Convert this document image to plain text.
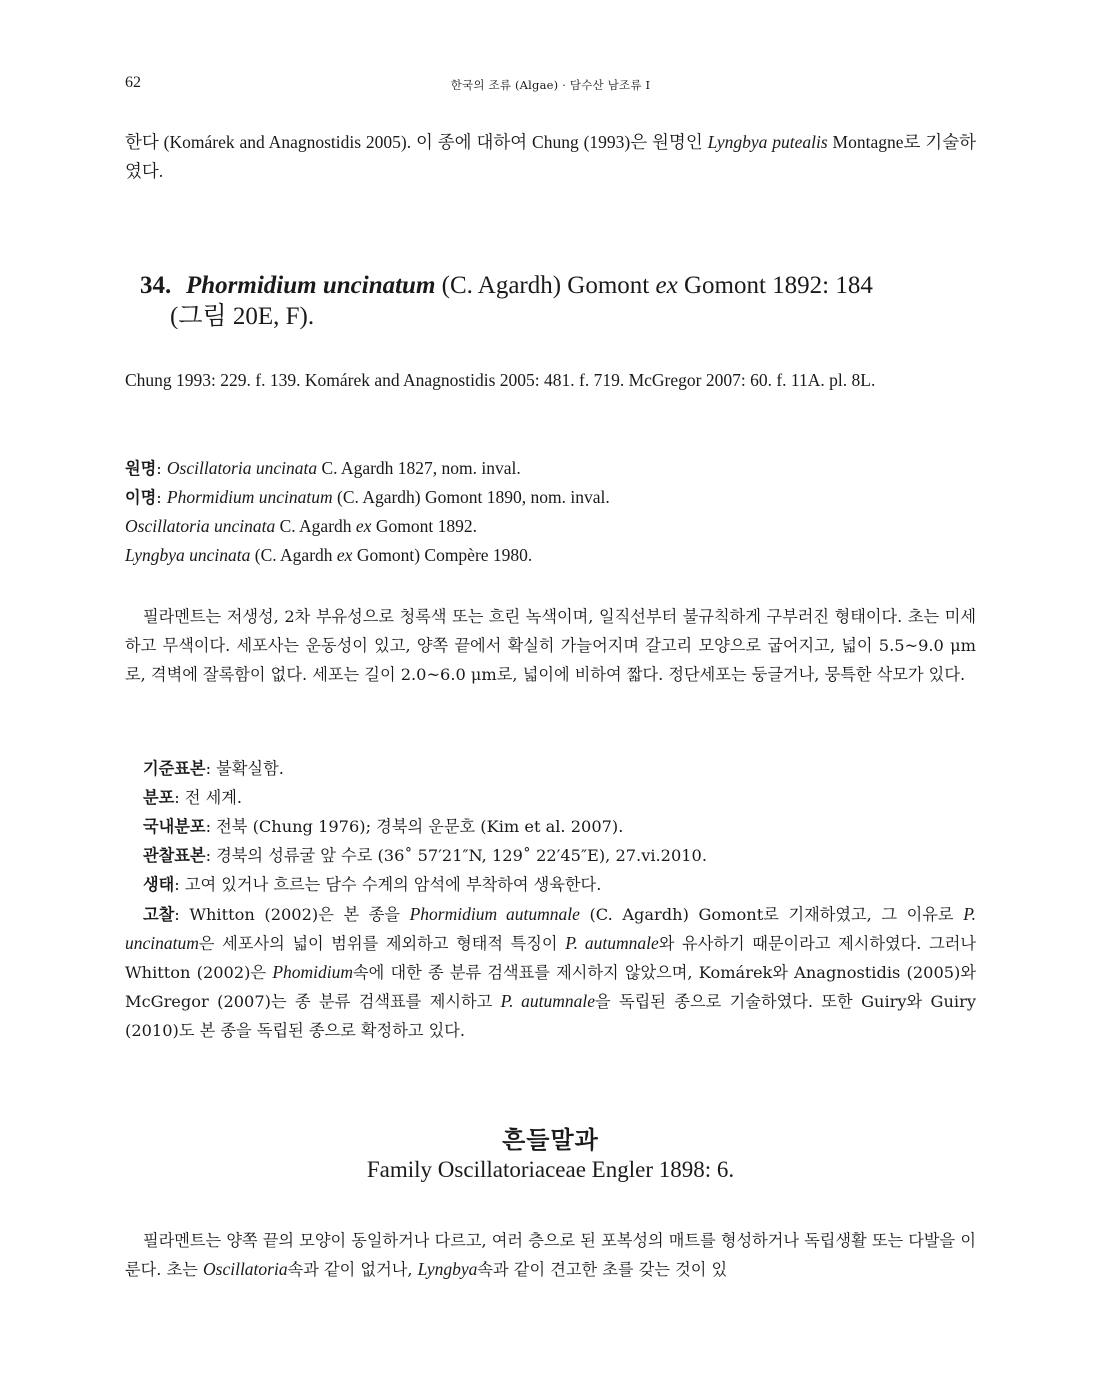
62	한국의 조류 (Algae) · 담수산 남조류 I

한다 (Komárek and Anagnostidis 2005). 이 종에 대하여 Chung (1993)은 원명인 Lyngbya putealis Montagne로 기술하였다.

34. Phormidium uncinatum (C. Agardh) Gomont ex Gomont 1892: 184
(그림 20E, F).

Chung 1993: 229. f. 139. Komárek and Anagnostidis 2005: 481. f. 719. McGregor 2007: 60. f. 11A. pl. 8L.

원명: Oscillatoria uncinata C. Agardh 1827, nom. inval.
이명: Phormidium uncinatum (C. Agardh) Gomont 1890, nom. inval.
Oscillatoria uncinata C. Agardh ex Gomont 1892.
Lyngbya uncinata (C. Agardh ex Gomont) Compère 1980.

필라멘트는 저생성, 2차 부유성으로 청록색 또는 흐린 녹색이며, 일직선부터 불규칙하게 구부러진 형태이다. 초는 미세하고 무색이다. 세포사는 운동성이 있고, 양쪽 끝에서 확실히 가늘어지며 갈고리 모양으로 굽어지고, 넓이 5.5~9.0 μm로, 격벽에 잘록함이 없다. 세포는 길이 2.0~6.0 μm로, 넓이에 비하여 짧다. 정단세포는 둥글거나, 뭉특한 삭모가 있다.

기준표본: 불확실함.
분포: 전 세계.
국내분포: 전북 (Chung 1976); 경북의 운문호 (Kim et al. 2007).
관찰표본: 경북의 성류굴 앞 수로 (36˚ 57′21″N, 129˚ 22′45″E), 27.vi.2010.
생태: 고여 있거나 흐르는 담수 수계의 암석에 부착하여 생육한다.

고찰: Whitton (2002)은 본 종을 Phormidium autumnale (C. Agardh) Gomont로 기재하였고, 그 이유로 P. uncinatum은 세포사의 넓이 범위를 제외하고 형태적 특징이 P. autumnale와 유사하기 때문이라고 제시하였다. 그러나 Whitton (2002)은 Phomidium속에 대한 종 분류 검색표를 제시하지 않았으며, Komárek와 Anagnostidis (2005)와 McGregor (2007)는 종 분류 검색표를 제시하고 P. autumnale을 독립된 종으로 기술하였다. 또한 Guiry와 Guiry (2010)도 본 종을 독립된 종으로 확정하고 있다.

흔들말과
Family Oscillatoriaceae Engler 1898: 6.

필라멘트는 양쪽 끝의 모양이 동일하거나 다르고, 여러 층으로 된 포복성의 매트를 형성하거나 독립생활 또는 다발을 이룬다. 초는 Oscillatoria속과 같이 없거나, Lyngbya속과 같이 견고한 초를 갖는 것이 있
